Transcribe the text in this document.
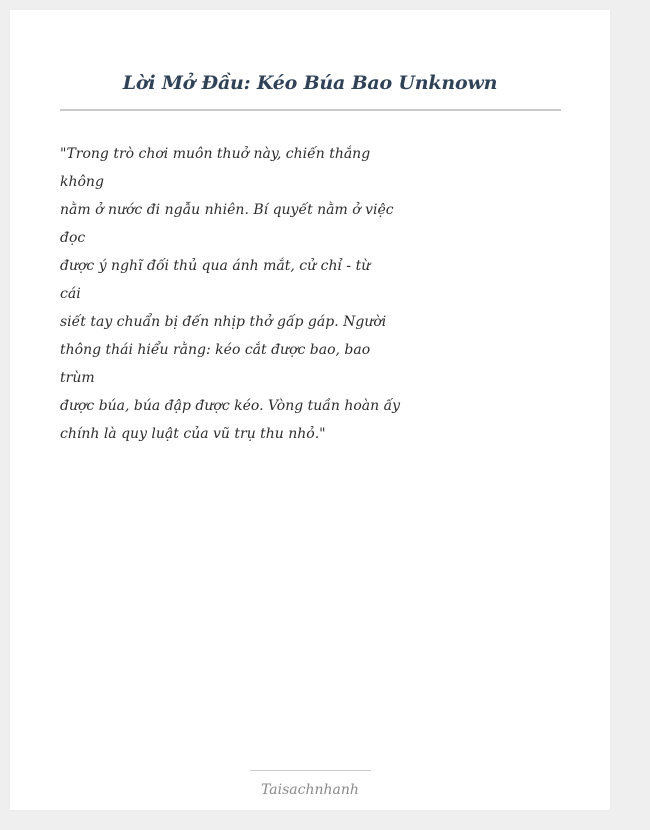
Lời Mở Đầu: Kéo Búa Bao Unknown
"Trong trò chơi muôn thuở này, chiến thắng
không
nằm ở nước đi ngẫu nhiên. Bí quyết nằm ở việc
đọc
được ý nghĩ đối thủ qua ánh mắt, cử chỉ - từ
cái
siết tay chuẩn bị đến nhịp thở gấp gáp. Người
thông thái hiểu rằng: kéo cắt được bao, bao
trùm
được búa, búa đập được kéo. Vòng tuần hoàn ấy
chính là quy luật của vũ trụ thu nhỏ."
Taisachnhanh
